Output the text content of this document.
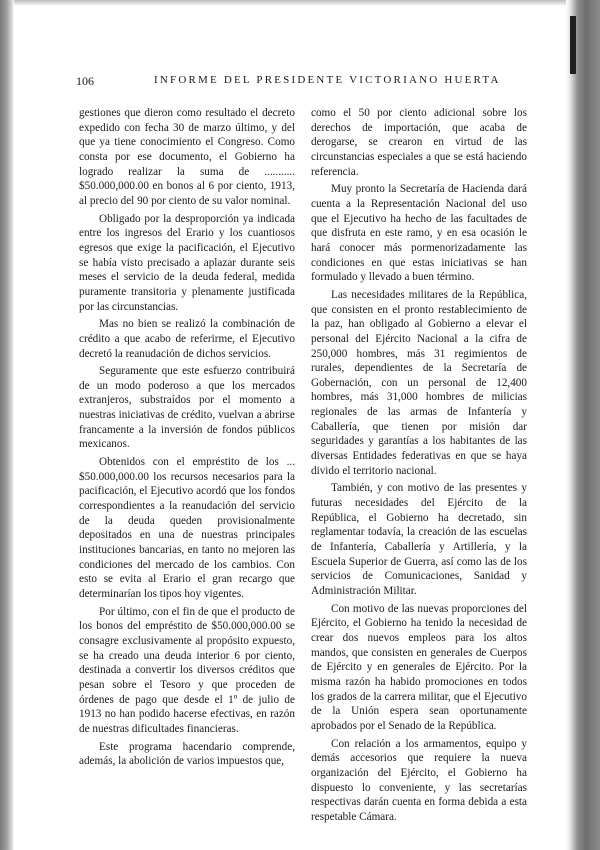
106	INFORME DEL PRESIDENTE VICTORIANO HUERTA

gestiones que dieron como resultado el decreto expedido con fecha 30 de marzo último, y del que ya tiene conocimiento el Congreso. Como consta por ese documento, el Gobierno ha logrado realizar la suma de ........... $50.000,000.00 en bonos al 6 por ciento, 1913, al precio del 90 por ciento de su valor nominal.

Obligado por la desproporción ya indicada entre los ingresos del Erario y los cuantiosos egresos que exige la pacificación, el Ejecutivo se había visto precisado a aplazar durante seis meses el servicio de la deuda federal, medida puramente transitoria y plenamente justificada por las circunstancias.

Mas no bien se realizó la combinación de crédito a que acabo de referirme, el Ejecutivo decretó la reanudación de dichos servicios.

Seguramente que este esfuerzo contribuirá de un modo poderoso a que los mercados extranjeros, substraídos por el momento a nuestras iniciativas de crédito, vuelvan a abrirse francamente a la inversión de fondos públicos mexicanos.

Obtenidos con el empréstito de los ... $50.000,000.00 los recursos necesarios para la pacificación, el Ejecutivo acordó que los fondos correspondientes a la reanudación del servicio de la deuda queden provisionalmente depositados en una de nuestras principales instituciones bancarias, en tanto no mejoren las condiciones del mercado de los cambios. Con esto se evita al Erario el gran recargo que determinarían los tipos hoy vigentes.

Por último, con el fin de que el producto de los bonos del empréstito de $50.000,000.00 se consagre exclusivamente al propósito expuesto, se ha creado una deuda interior 6 por ciento, destinada a convertir los diversos créditos que pesan sobre el Tesoro y que proceden de órdenes de pago que desde el 1º de julio de 1913 no han podido hacerse efectivas, en razón de nuestras dificultades financieras.

Este programa hacendario comprende, además, la abolición de varios impuestos que,

como el 50 por ciento adicional sobre los derechos de importación, que acaba de derogarse, se crearon en virtud de las circunstancias especiales a que se está haciendo referencia.

Muy pronto la Secretaría de Hacienda dará cuenta a la Representación Nacional del uso que el Ejecutivo ha hecho de las facultades de que disfruta en este ramo, y en esa ocasión le hará conocer más pormenorizadamente las condiciones en que estas iniciativas se han formulado y llevado a buen término.

Las necesidades militares de la República, que consisten en el pronto restablecimiento de la paz, han obligado al Gobierno a elevar el personal del Ejército Nacional a la cifra de 250,000 hombres, más 31 regimientos de rurales, dependientes de la Secretaría de Gobernación, con un personal de 12,400 hombres, más 31,000 hombres de milicias regionales de las armas de Infantería y Caballería, que tienen por misión dar seguridades y garantías a los habitantes de las diversas Entidades federativas en que se haya divido el territorio nacional.

También, y con motivo de las presentes y futuras necesidades del Ejército de la República, el Gobierno ha decretado, sin reglamentar todavía, la creación de las escuelas de Infantería, Caballería y Artillería, y la Escuela Superior de Guerra, así como las de los servicios de Comunicaciones, Sanidad y Administración Militar.

Con motivo de las nuevas proporciones del Ejército, el Gobierno ha tenido la necesidad de crear dos nuevos empleos para los altos mandos, que consisten en generales de Cuerpos de Ejército y en generales de Ejército. Por la misma razón ha habido promociones en todos los grados de la carrera militar, que el Ejecutivo de la Unión espera sean oportunamente aprobados por el Senado de la República.

Con relación a los armamentos, equipo y demás accesorios que requiere la nueva organización del Ejército, el Gobierno ha dispuesto lo conveniente, y las secretarías respectivas darán cuenta en forma debida a esta respetable Cámara.
